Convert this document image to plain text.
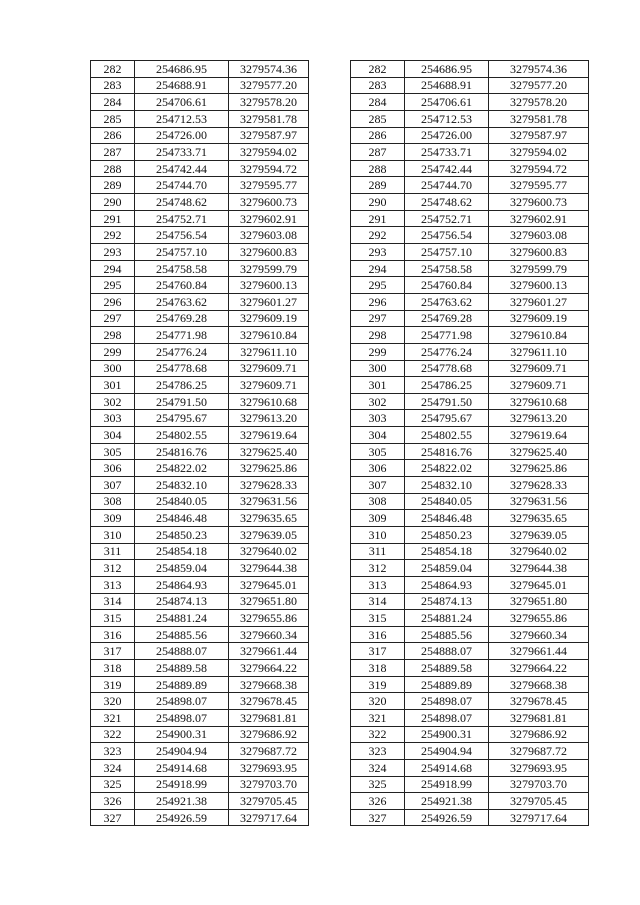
282	254686.95	3279574.36
283	254688.91	3279577.20
284	254706.61	3279578.20
285	254712.53	3279581.78
286	254726.00	3279587.97
287	254733.71	3279594.02
288	254742.44	3279594.72
289	254744.70	3279595.77
290	254748.62	3279600.73
291	254752.71	3279602.91
292	254756.54	3279603.08
293	254757.10	3279600.83
294	254758.58	3279599.79
295	254760.84	3279600.13
296	254763.62	3279601.27
297	254769.28	3279609.19
298	254771.98	3279610.84
299	254776.24	3279611.10
300	254778.68	3279609.71
301	254786.25	3279609.71
302	254791.50	3279610.68
303	254795.67	3279613.20
304	254802.55	3279619.64
305	254816.76	3279625.40
306	254822.02	3279625.86
307	254832.10	3279628.33
308	254840.05	3279631.56
309	254846.48	3279635.65
310	254850.23	3279639.05
311	254854.18	3279640.02
312	254859.04	3279644.38
313	254864.93	3279645.01
314	254874.13	3279651.80
315	254881.24	3279655.86
316	254885.56	3279660.34
317	254888.07	3279661.44
318	254889.58	3279664.22
319	254889.89	3279668.38
320	254898.07	3279678.45
321	254898.07	3279681.81
322	254900.31	3279686.92
323	254904.94	3279687.72
324	254914.68	3279693.95
325	254918.99	3279703.70
326	254921.38	3279705.45
327	254926.59	3279717.64
282	254686.95	3279574.36
283	254688.91	3279577.20
284	254706.61	3279578.20
285	254712.53	3279581.78
286	254726.00	3279587.97
287	254733.71	3279594.02
288	254742.44	3279594.72
289	254744.70	3279595.77
290	254748.62	3279600.73
291	254752.71	3279602.91
292	254756.54	3279603.08
293	254757.10	3279600.83
294	254758.58	3279599.79
295	254760.84	3279600.13
296	254763.62	3279601.27
297	254769.28	3279609.19
298	254771.98	3279610.84
299	254776.24	3279611.10
300	254778.68	3279609.71
301	254786.25	3279609.71
302	254791.50	3279610.68
303	254795.67	3279613.20
304	254802.55	3279619.64
305	254816.76	3279625.40
306	254822.02	3279625.86
307	254832.10	3279628.33
308	254840.05	3279631.56
309	254846.48	3279635.65
310	254850.23	3279639.05
311	254854.18	3279640.02
312	254859.04	3279644.38
313	254864.93	3279645.01
314	254874.13	3279651.80
315	254881.24	3279655.86
316	254885.56	3279660.34
317	254888.07	3279661.44
318	254889.58	3279664.22
319	254889.89	3279668.38
320	254898.07	3279678.45
321	254898.07	3279681.81
322	254900.31	3279686.92
323	254904.94	3279687.72
324	254914.68	3279693.95
325	254918.99	3279703.70
326	254921.38	3279705.45
327	254926.59	3279717.64
